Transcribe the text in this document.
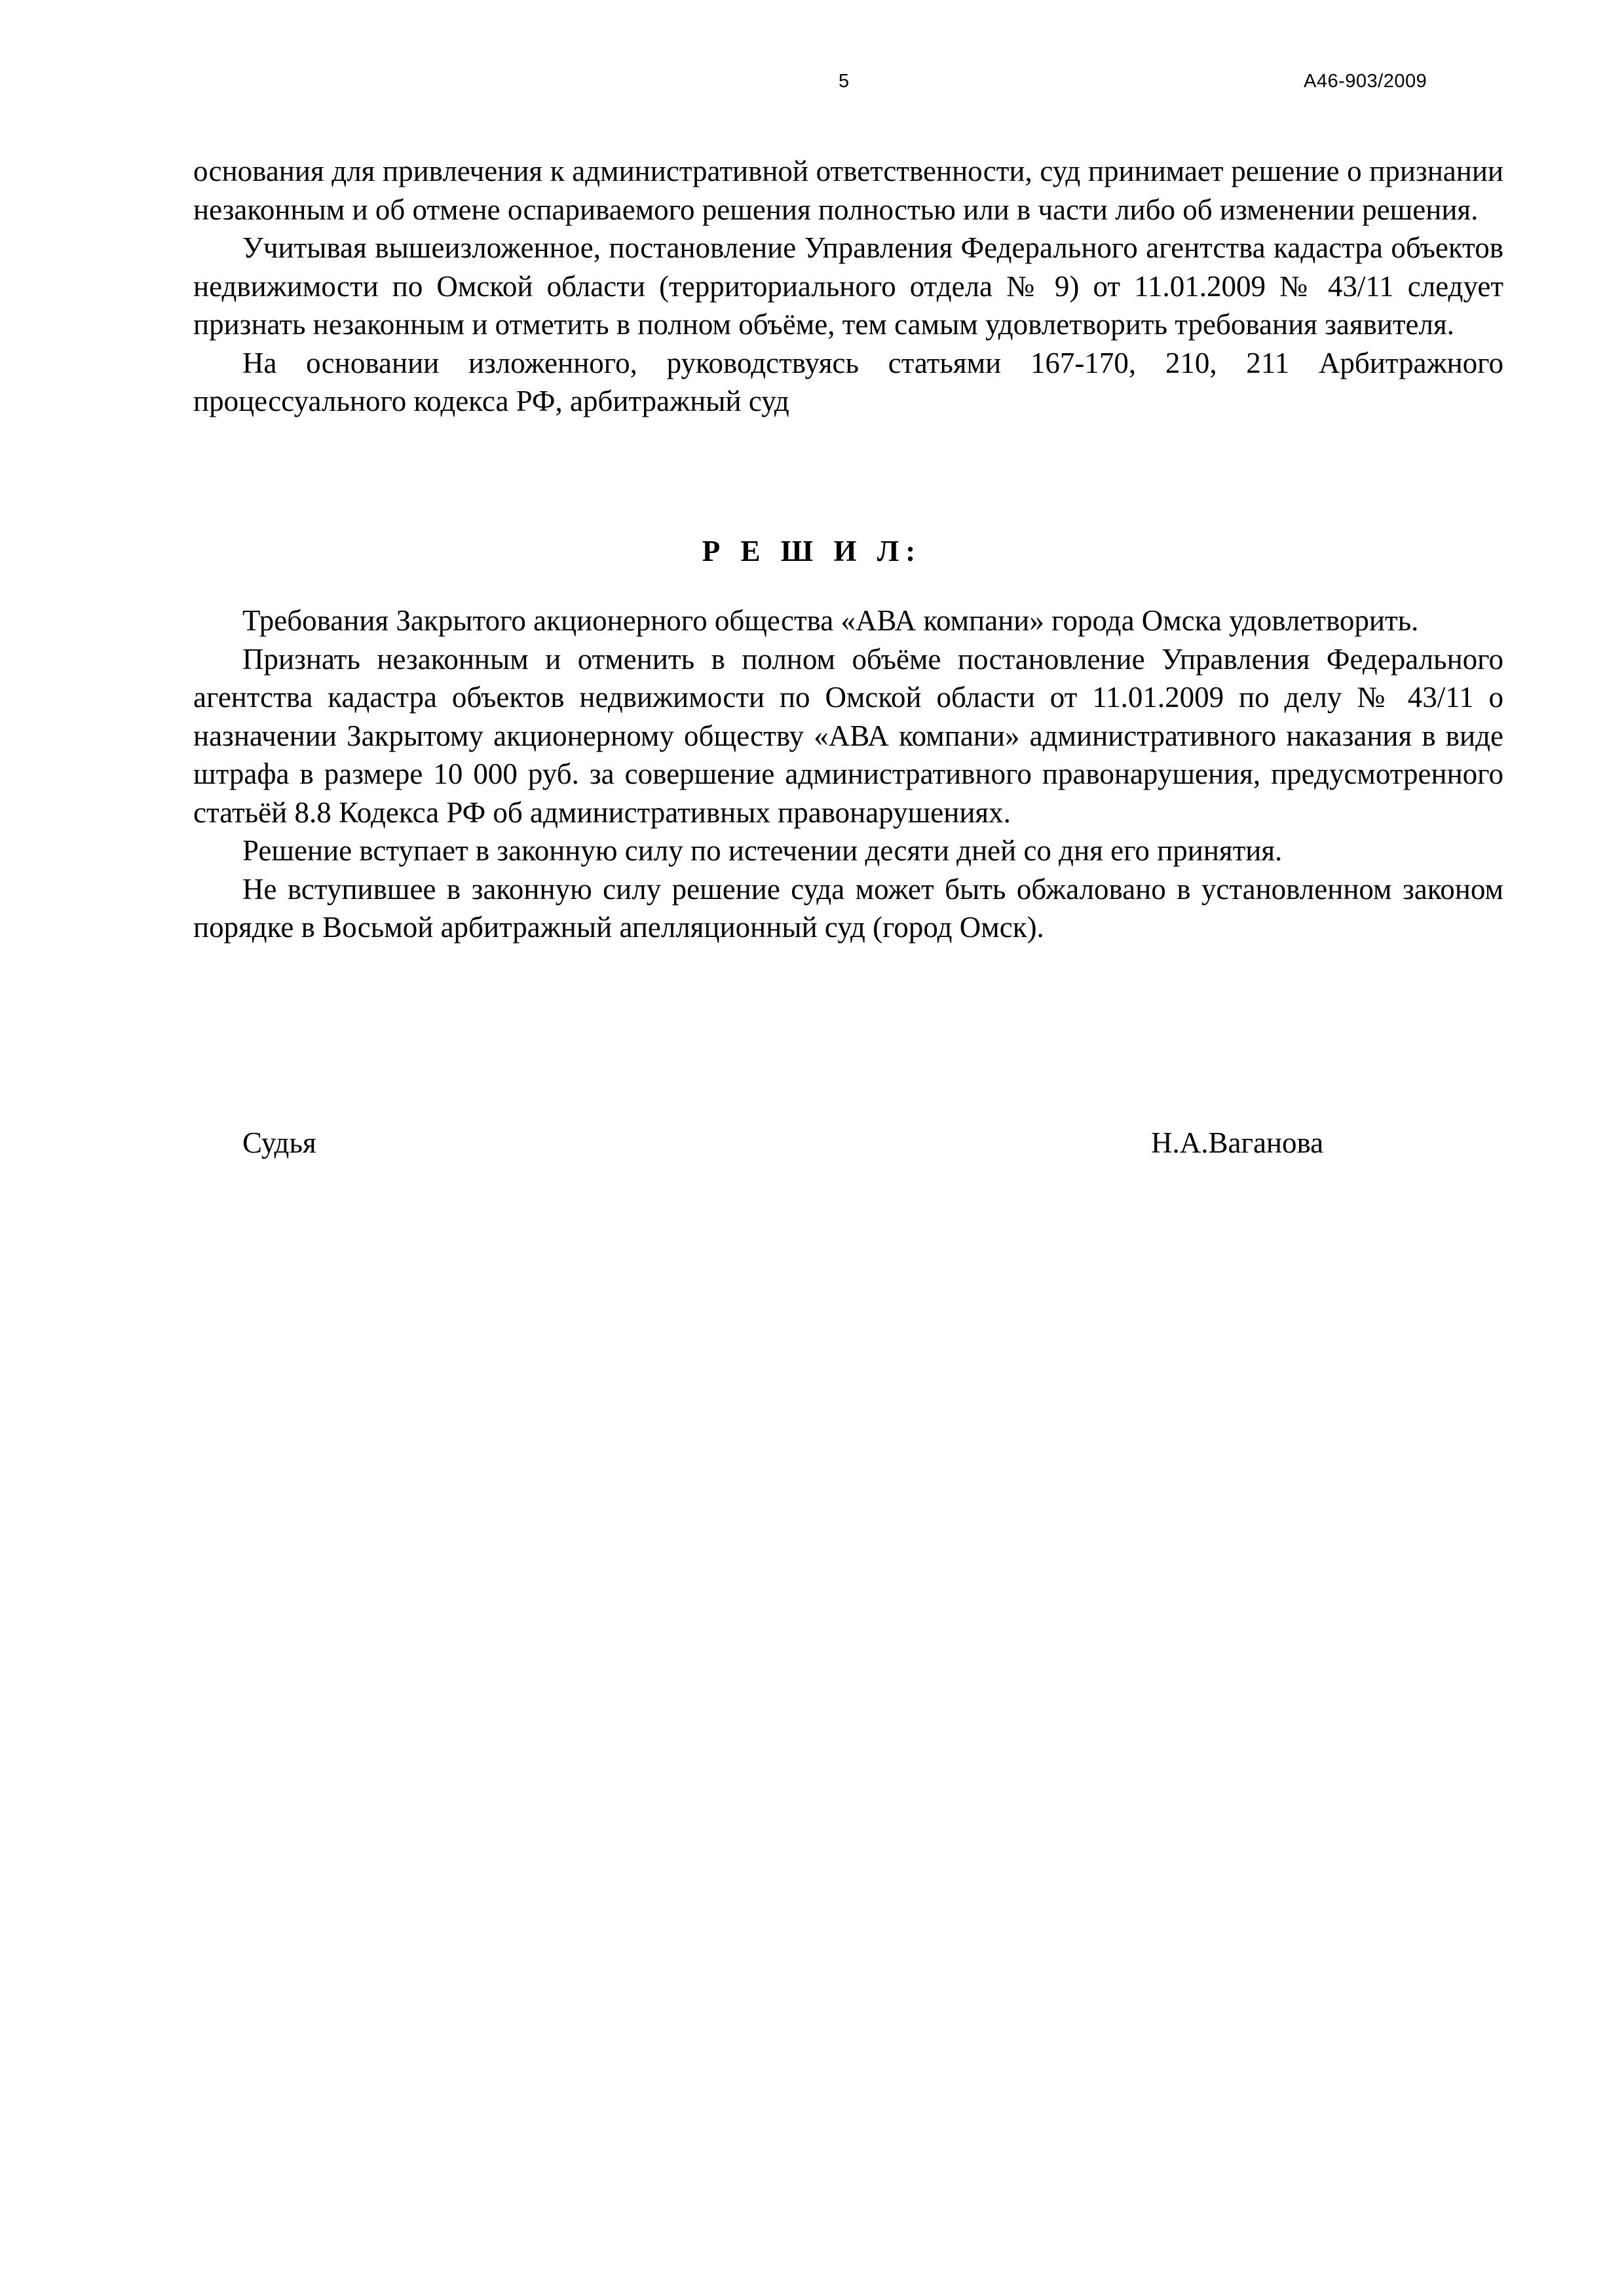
5	А46-903/2009

основания для привлечения к административной ответственности, суд принимает решение о признании незаконным и об отмене оспариваемого решения полностью или в части либо об изменении решения.

Учитывая вышеизложенное, постановление Управления Федерального агентства кадастра объектов недвижимости по Омской области (территориального отдела № 9) от 11.01.2009 № 43/11 следует признать незаконным и отметить в полном объёме, тем самым удовлетворить требования заявителя.

На основании изложенного, руководствуясь статьями 167-170, 210, 211 Арбитражного процессуального кодекса РФ, арбитражный суд

Р Е Ш И Л:

Требования Закрытого акционерного общества «АВА компани» города Омска удовлетворить.

Признать незаконным и отменить в полном объёме постановление Управления Федерального агентства кадастра объектов недвижимости по Омской области от 11.01.2009 по делу № 43/11 о назначении Закрытому акционерному обществу «АВА компани» административного наказания в виде штрафа в размере 10 000 руб. за совершение административного правонарушения, предусмотренного статьёй 8.8 Кодекса РФ об административных правонарушениях.

Решение вступает в законную силу по истечении десяти дней со дня его принятия.

Не вступившее в законную силу решение суда может быть обжаловано в установленном законом порядке в Восьмой арбитражный апелляционный суд (город Омск).

Судья	Н.А.Ваганова
